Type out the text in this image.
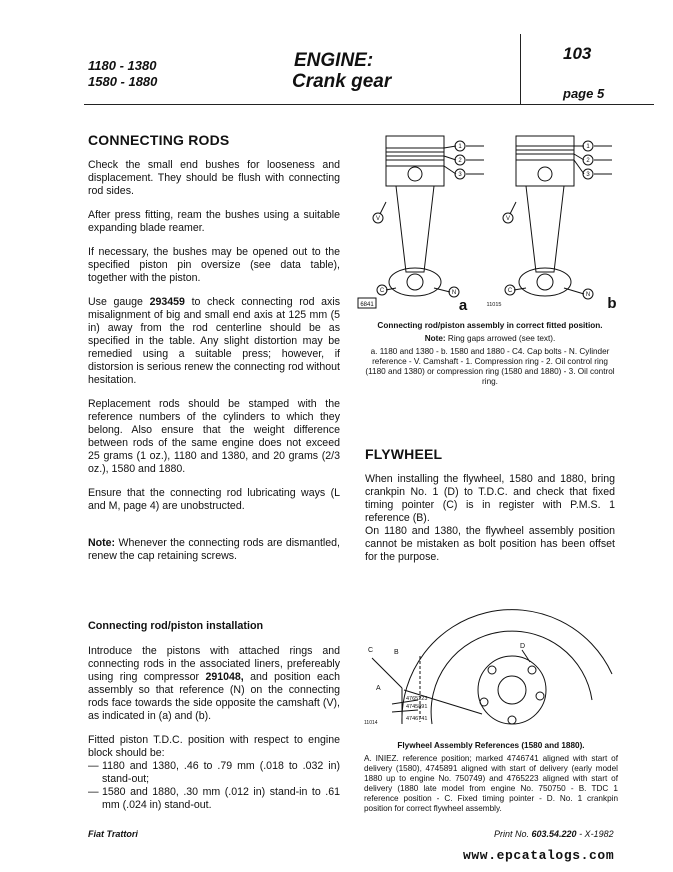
1180 - 1380
1580 - 1880
ENGINE:
Crank gear
103
page 5
CONNECTING RODS

Check the small end bushes for looseness and displacement. They should be flush with connecting rod sides.

After press fitting, ream the bushes using a suitable expanding blade reamer.

If necessary, the bushes may be opened out to the specified piston pin oversize (see data table), together with the piston.

Use gauge 293459 to check connecting rod axis misalignment of big and small end axis at 125 mm (5 in) away from the rod centerline should be as specified in the table. Any slight distortion may be remedied using a suitable press; however, if distorsion is serious renew the connecting rod without hesitation.

Replacement rods should be stamped with the reference numbers of the cylinders to which they belong. Also ensure that the weight difference between rods of the same engine does not exceed 25 grams (1 oz.), 1180 and 1380, and 20 grams (2/3 oz.), 1580 and 1880.

Ensure that the connecting rod lubricating ways (L and M, page 4) are unobstructed.

Note: Whenever the connecting rods are dismantled, renew the cap retaining screws.

Connecting rod/piston installation

Introduce the pistons with attached rings and connecting rods in the associated liners, prefereably using ring compressor 291048, and position each assembly so that reference (N) on the connecting rods face towards the side opposite the camshaft (V), as indicated in (a) and (b).

Fitted piston T.D.C. position with respect to engine block should be:

— 1180 and 1380, .46 to .79 mm (.018 to .032 in) stand-out;
— 1580 and 1880, .30 mm (.012 in) stand-in to .61 mm (.024 in) stand-out.
1
2
3
1
2
3
V	V
C	N	C
N
6841	11015
a	b
Connecting rod/piston assembly in correct fitted position.
Note: Ring gaps arrowed (see text).
a. 1180 and 1380 - b. 1580 and 1880 - C4. Cap bolts - N. Cylinder reference - V. Camshaft - 1. Compression ring - 2. Oil control ring (1180 and 1380) or compression ring (1580 and 1880) - 3. Oil control ring.
FLYWHEEL

When installing the flywheel, 1580 and 1880, bring crankpin No. 1 (D) to T.D.C. and check that fixed timing pointer (C) is in register with P.M.S. 1 reference (B).

On 1180 and 1380, the flywheel assembly position cannot be mistaken as bolt position has been offset for the purpose.

C	B
D
A
4765223
4745891
4746741
11014
Flywheel Assembly References (1580 and 1880).
A. INIEZ. reference position; marked 4746741 aligned with start of delivery (1580), 4745891 aligned with start of delivery (early model 1880 up to engine No. 750749) and 4765223 aligned with start of delivery (1880 late model from engine No. 750750 - B. TDC 1 reference position - C. Fixed timing pointer - D. No. 1 crankpin position for correct flywheel assembly.
Fiat Trattori	Print No. 603.54.220 - X-1982
www.epcatalogs.com
